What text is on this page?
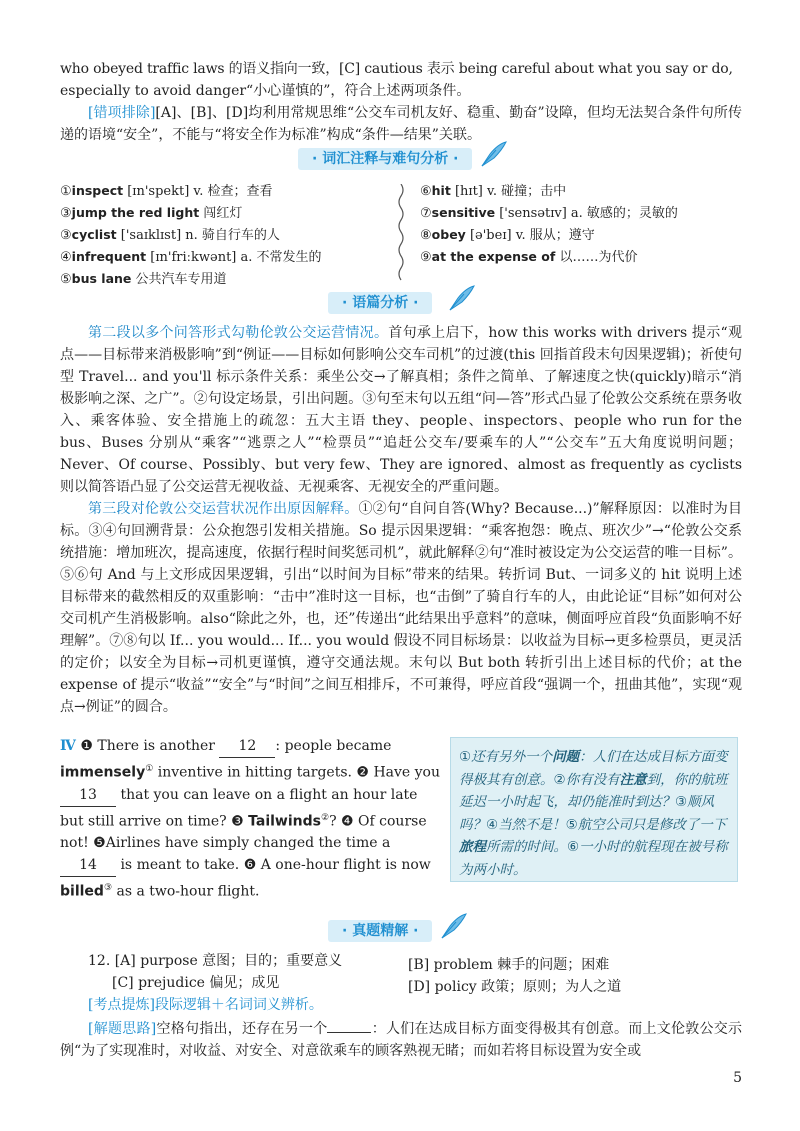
who obeyed traffic laws 的语义指向一致，[C] cautious 表示 being careful about what you say or do,
especially to avoid danger“小心谨慎的”，符合上述两项条件。
[错项排除][A]、[B]、[D]均利用常规思维“公交车司机友好、稳重、勤奋”设障，但均无法契合条件句所传递的语境“安全”，不能与“将安全作为标准”构成“条件—结果”关联。
· 词汇注释与难句分析 ·
①inspect [ɪn'spekt] v. 检查；查看
③jump the red light 闯红灯
③cyclist ['saɪklɪst] n. 骑自行车的人
④infrequent [ɪn'friːkwənt] a. 不常发生的
⑤bus lane 公共汽车专用道
⑥hit [hɪt] v. 碰撞；击中
⑦sensitive ['sensətɪv] a. 敏感的；灵敏的
⑧obey [ə'beɪ] v. 服从；遵守
⑨at the expense of 以……为代价
· 语篇分析 ·
第二段以多个问答形式勾勒伦敦公交运营情况。首句承上启下，how this works with drivers 提示“观点——目标带来消极影响”到“例证——目标如何影响公交车司机”的过渡(this 回指首段末句因果逻辑)；祈使句型 Travel... and you'll 标示条件关系：乘坐公交→了解真相；条件之简单、了解速度之快(quickly)暗示“消极影响之深、之广”。②句设定场景，引出问题。③句至末句以五组“问—答”形式凸显了伦敦公交系统在票务收入、乘客体验、安全措施上的疏忽：五大主语 they、people、inspectors、people who run for the bus、Buses 分别从“乘客”“逃票之人”“检票员”“追赶公交车/要乘车的人”“公交车”五大角度说明问题；Never、Of course、Possibly、but very few、They are ignored、almost as frequently as cyclists 则以简答语凸显了公交运营无视收益、无视乘客、无视安全的严重问题。
第三段对伦敦公交运营状况作出原因解释。①②句“自问自答(Why? Because...)”解释原因：以准时为目标。③④句回溯背景：公众抱怨引发相关措施。So 提示因果逻辑：“乘客抱怨：晚点、班次少”→“伦敦公交系统措施：增加班次，提高速度，依据行程时间奖惩司机”，就此解释②句“准时被设定为公交运营的唯一目标”。⑤⑥句 And 与上文形成因果逻辑，引出“以时间为目标”带来的结果。转折词 But、一词多义的 hit 说明上述目标带来的截然相反的双重影响：“击中”准时这一目标，也“击倒”了骑自行车的人，由此论证“目标”如何对公交司机产生消极影响。also“除此之外，也，还”传递出“此结果出乎意料”的意味，侧面呼应首段“负面影响不好理解”。⑦⑧句以 If... you would... If... you would 假设不同目标场景：以收益为目标→更多检票员，更灵活的定价；以安全为目标→司机更谨慎，遵守交通法规。末句以 But both 转折引出上述目标的代价；at the expense of 提示“收益”“安全”与“时间”之间互相排斥，不可兼得，呼应首段“强调一个，扭曲其他”，实现“观点→例证”的圆合。
Ⅳ ❶ There is another 12 : people became immensely① inventive in hitting targets. ❷ Have you 13 that you can leave on a flight an hour late but still arrive on time? ❸ Tailwinds②? ❹ Of course not! ❺Airlines have simply changed the time a 14 is meant to take. ❻ A one-hour flight is now billed③ as a two-hour flight.
①还有另外一个问题：人们在达成目标方面变得极其有创意。②你有没有注意到，你的航班延迟一小时起飞，却仍能准时到达？③顺风吗？④当然不是！⑤航空公司只是修改了一下旅程所需的时间。⑥一小时的航程现在被号称为两小时。
· 真题精解 ·
12. [A] purpose 意图；目的；重要意义	[B] problem 棘手的问题；困难
[C] prejudice 偏见；成见	[D] policy 政策；原则；为人之道
[考点提炼]段际逻辑＋名词词义辨析。
[解题思路]空格句指出，还存在另一个	：人们在达成目标方面变得极其有创意。而上文伦敦公交示例“为了实现准时，对收益、对安全、对意欲乘车的顾客熟视无睹；而如若将目标设置为安全或
5
